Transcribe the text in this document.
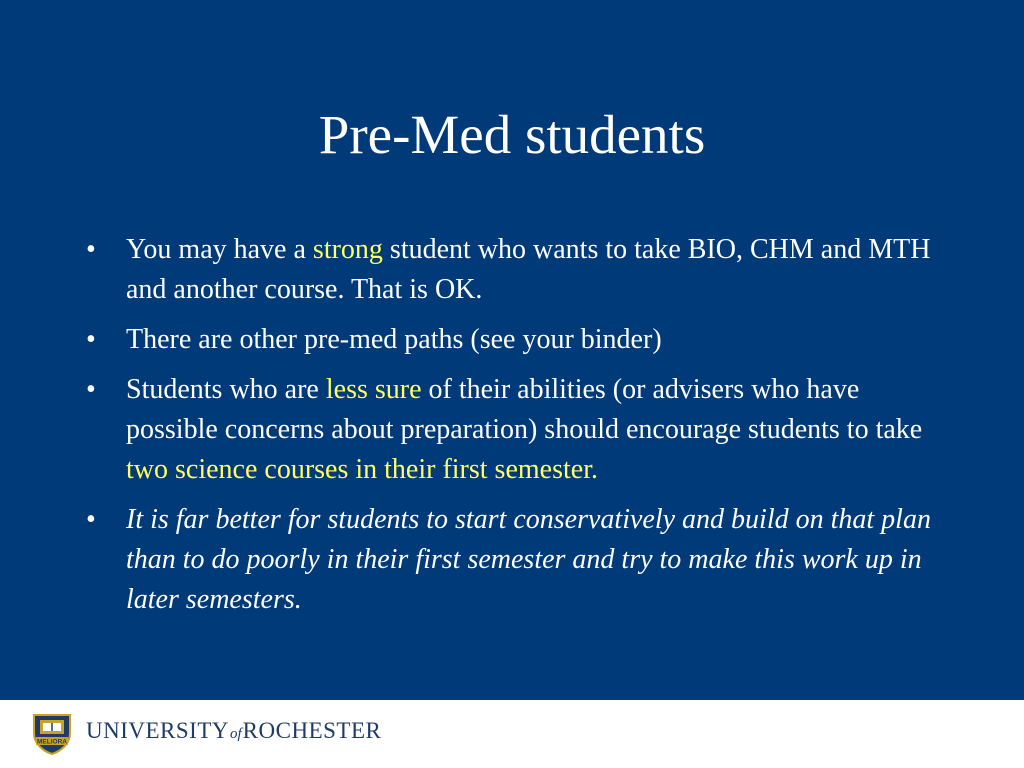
Pre-Med students
• You may have a strong student who wants to take BIO, CHM and MTH and another course. That is OK.
• There are other pre-med paths (see your binder)
• Students who are less sure of their abilities (or advisers who have possible concerns about preparation) should encourage students to take two science courses in their first semester.
• It is far better for students to start conservatively and build on that plan than to do poorly in their first semester and try to make this work up in later semesters.
MELIORA UNIVERSITYofROCHESTER
